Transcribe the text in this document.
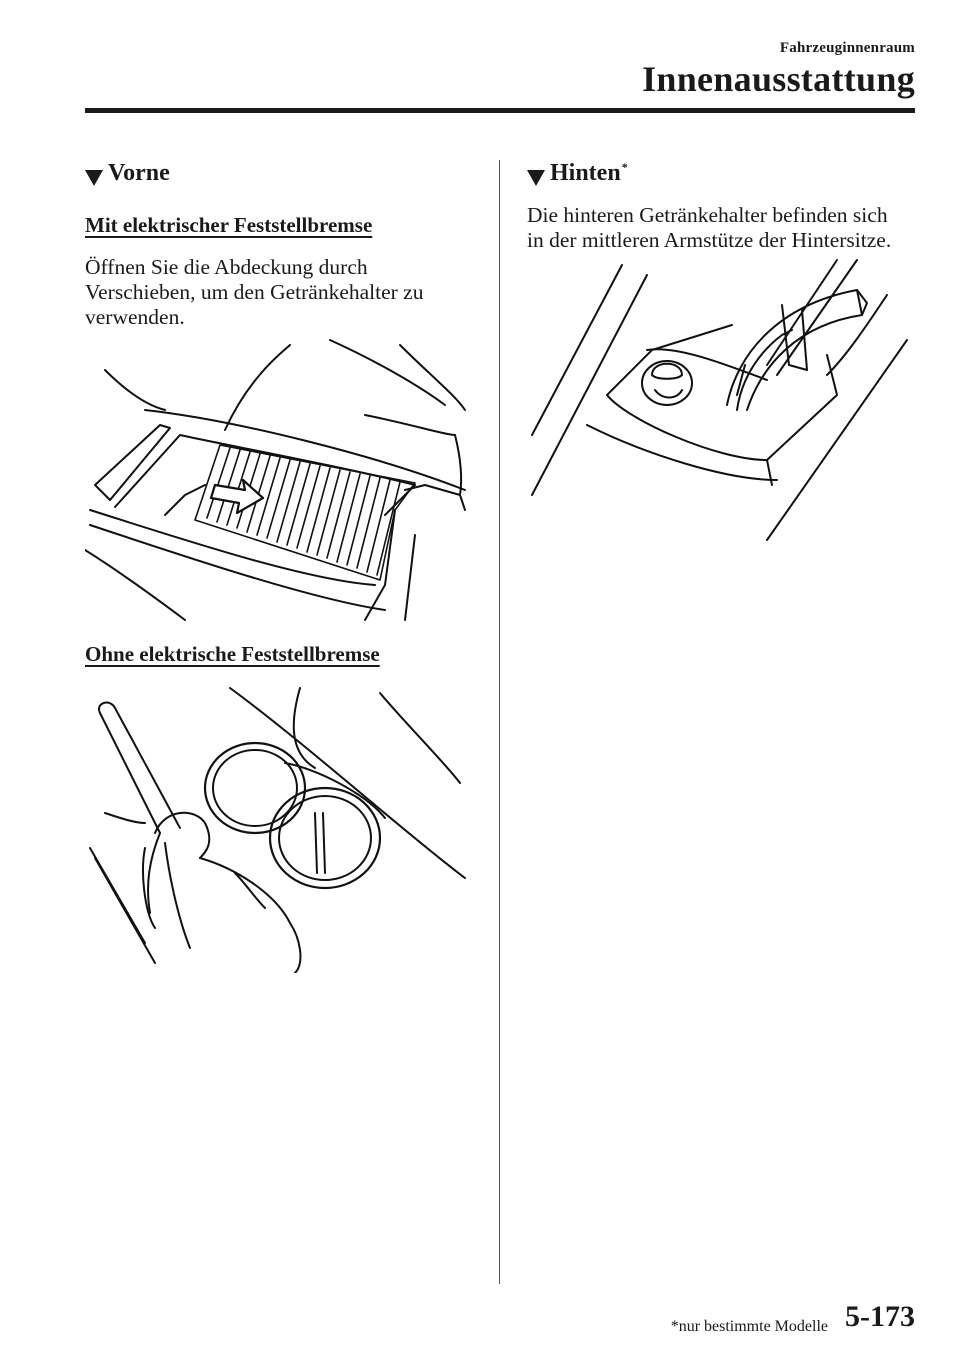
Fahrzeuginnenraum
Innenausstattung
Vorne
Mit elektrischer Feststellbremse

Öffnen Sie die Abdeckung durch
Verschieben, um den Getränkehalter zu
verwenden.

Ohne elektrische Feststellbremse
Hinten *

Die hinteren Getränkehalter befinden sich
in der mittleren Armstütze der Hintersitze.

*nur bestimmte Modelle 5-173
